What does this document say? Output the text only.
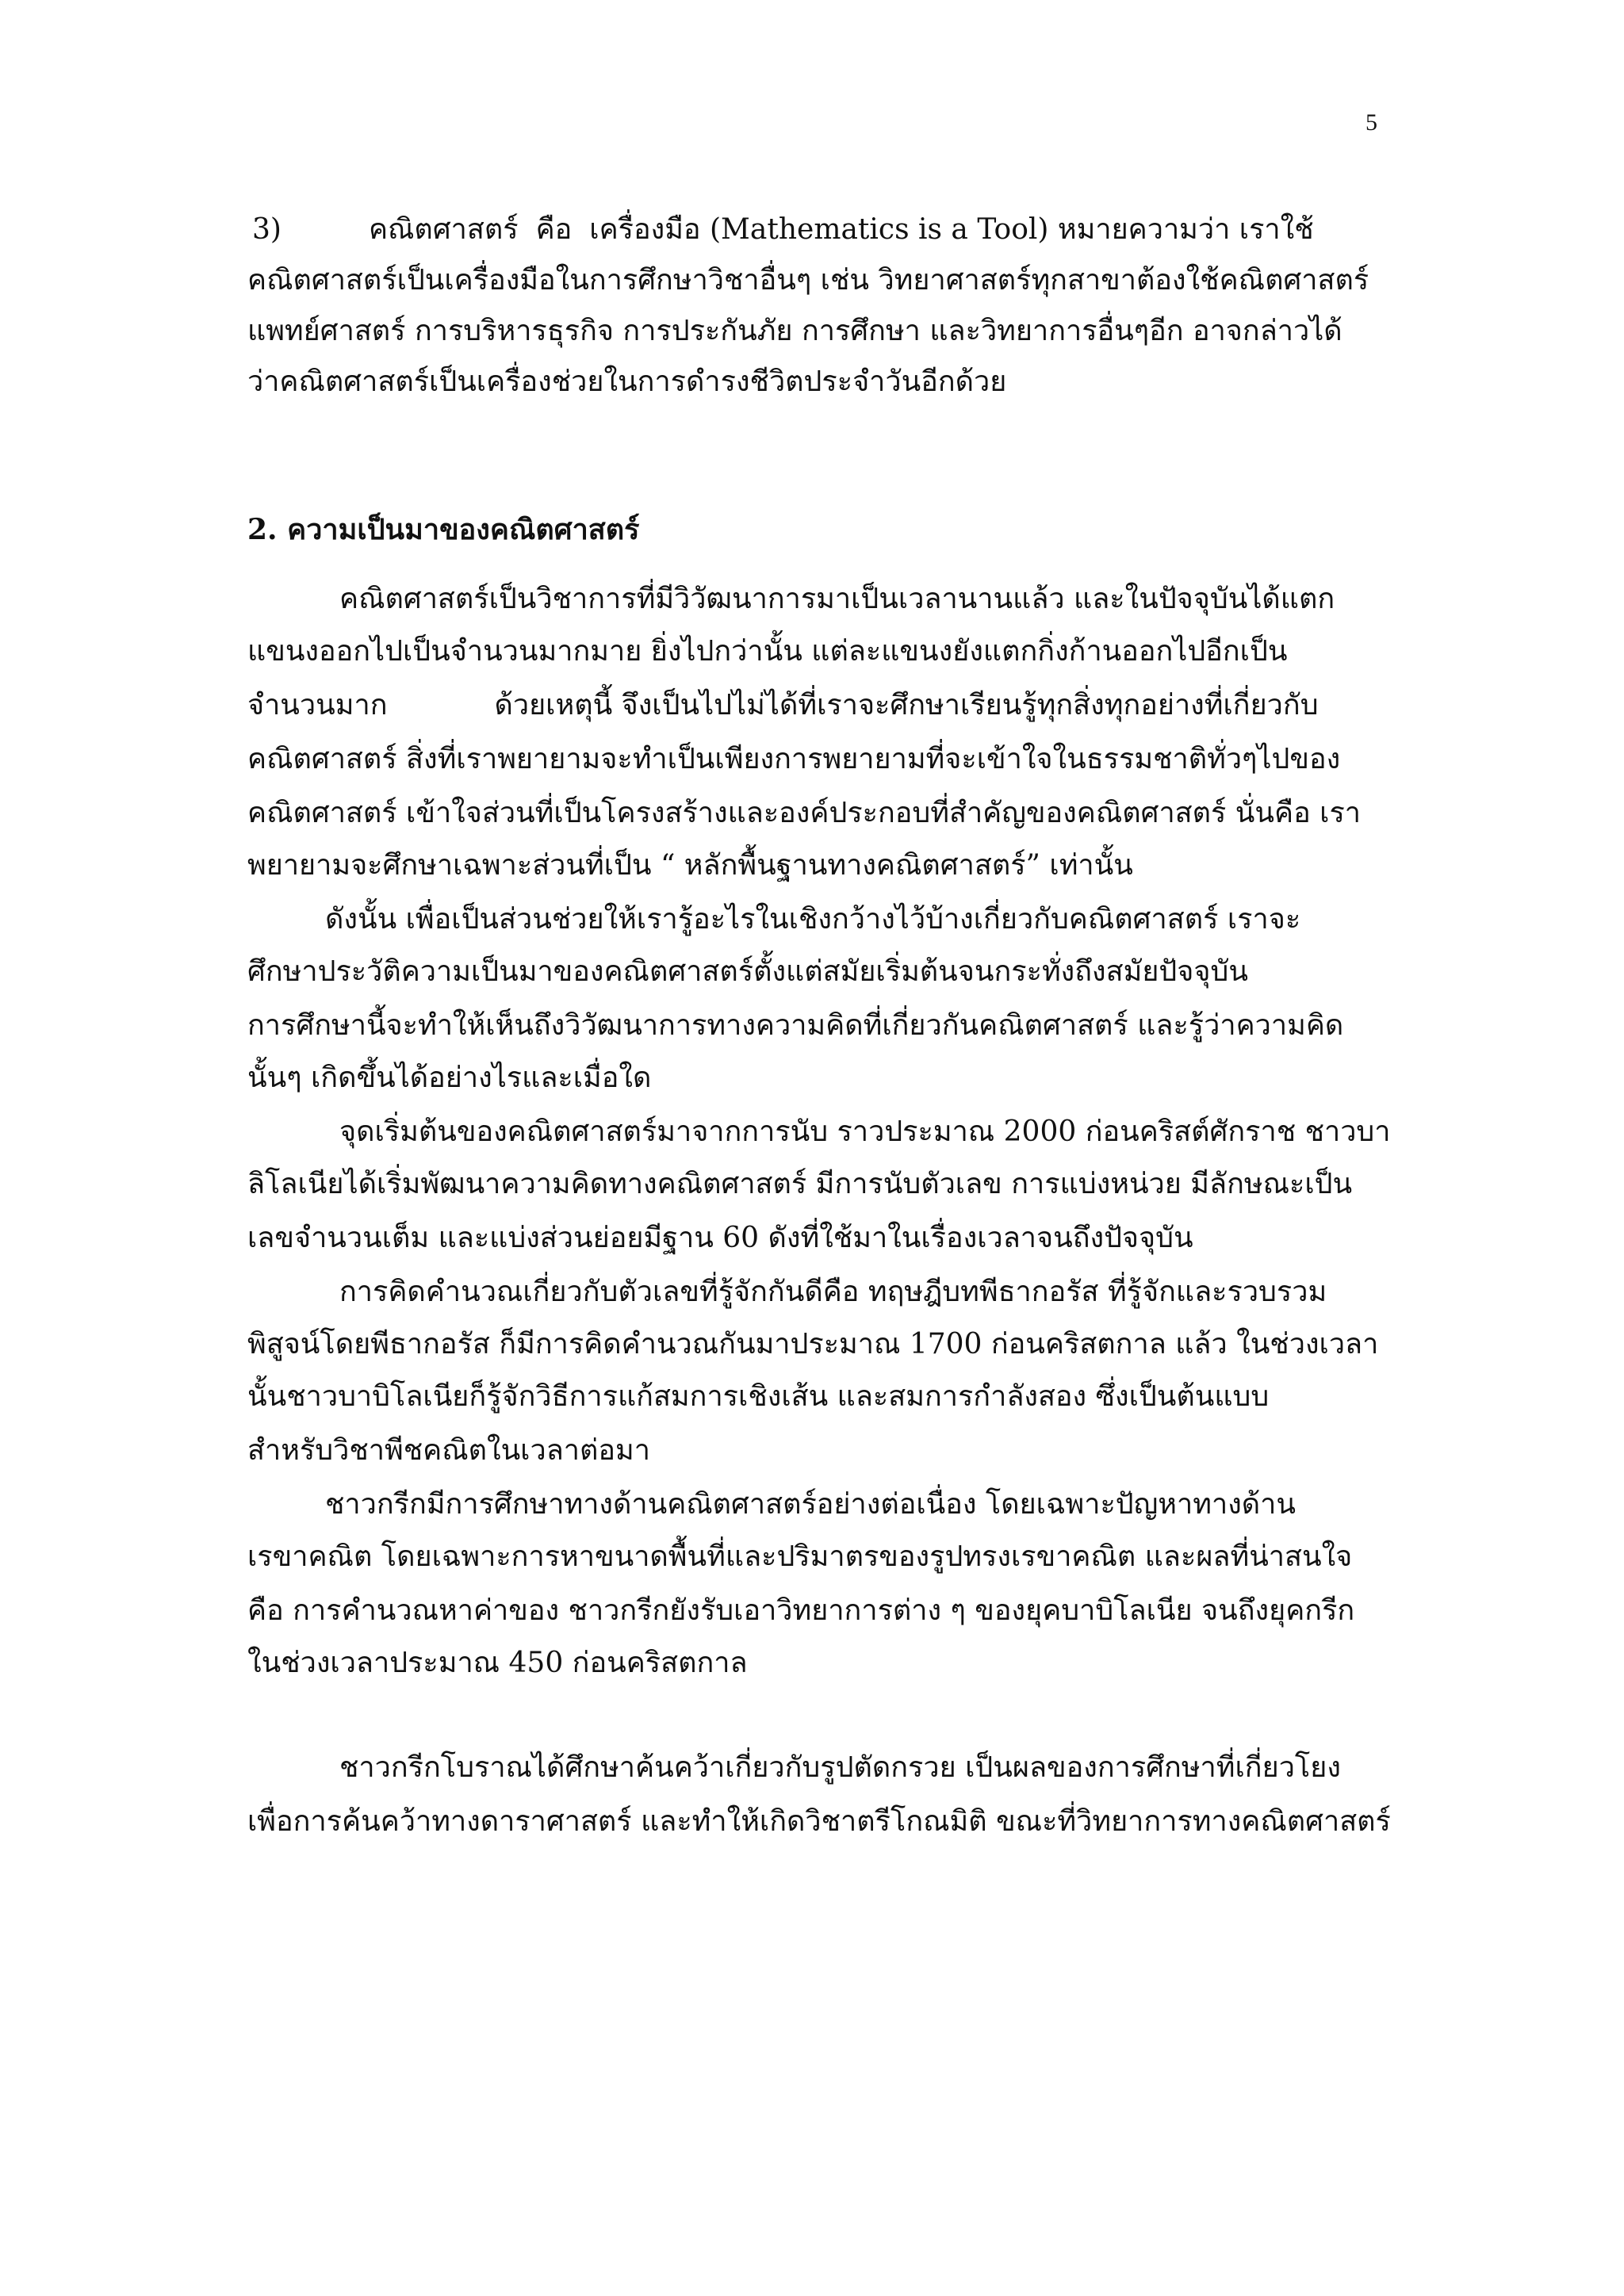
5
3)	คณิตศาสตร์ คือ เครื่องมือ (Mathematics is a Tool) หมายความว่า เราใช้
คณิตศาสตร์เป็นเครื่องมือในการศึกษาวิชาอื่นๆ เช่น วิทยาศาสตร์ทุกสาขาต้องใช้คณิตศาสตร์
แพทย์ศาสตร์ การบริหารธุรกิจ การประกันภัย การศึกษา และวิทยาการอื่นๆอีก อาจกล่าวได้
ว่าคณิตศาสตร์เป็นเครื่องช่วยในการดำรงชีวิตประจำวันอีกด้วย
2. ความเป็นมาของคณิตศาสตร์
คณิตศาสตร์เป็นวิชาการที่มีวิวัฒนาการมาเป็นเวลานานแล้ว และในปัจจุบันได้แตก
แขนงออกไปเป็นจำนวนมากมาย ยิ่งไปกว่านั้น แต่ละแขนงยังแตกกิ่งก้านออกไปอีกเป็น
จำนวนมาก	ด้วยเหตุนี้ จึงเป็นไปไม่ได้ที่เราจะศึกษาเรียนรู้ทุกสิ่งทุกอย่างที่เกี่ยวกับ
คณิตศาสตร์ สิ่งที่เราพยายามจะทำเป็นเพียงการพยายามที่จะเข้าใจในธรรมชาติทั่วๆไปของ
คณิตศาสตร์ เข้าใจส่วนที่เป็นโครงสร้างและองค์ประกอบที่สำคัญของคณิตศาสตร์ นั่นคือ เรา
พยายามจะศึกษาเฉพาะส่วนที่เป็น “ หลักพื้นฐานทางคณิตศาสตร์” เท่านั้น
ดังนั้น เพื่อเป็นส่วนช่วยให้เรารู้อะไรในเชิงกว้างไว้บ้างเกี่ยวกับคณิตศาสตร์ เราจะ
ศึกษาประวัติความเป็นมาของคณิตศาสตร์ตั้งแต่สมัยเริ่มต้นจนกระทั่งถึงสมัยปัจจุบัน
การศึกษานี้จะทำให้เห็นถึงวิวัฒนาการทางความคิดที่เกี่ยวกันคณิตศาสตร์ และรู้ว่าความคิด
นั้นๆ เกิดขึ้นได้อย่างไรและเมื่อใด
จุดเริ่มต้นของคณิตศาสตร์มาจากการนับ ราวประมาณ 2000 ก่อนคริสต์ศักราช ชาวบา
ลิโลเนียได้เริ่มพัฒนาความคิดทางคณิตศาสตร์ มีการนับตัวเลข การแบ่งหน่วย มีลักษณะเป็น
เลขจำนวนเต็ม และแบ่งส่วนย่อยมีฐาน 60 ดังที่ใช้มาในเรื่องเวลาจนถึงปัจจุบัน
การคิดคำนวณเกี่ยวกับตัวเลขที่รู้จักกันดีคือ ทฤษฎีบทพีธากอรัส ที่รู้จักและรวบรวม
พิสูจน์โดยพีธากอรัส ก็มีการคิดคำนวณกันมาประมาณ 1700 ก่อนคริสตกาล แล้ว ในช่วงเวลา
นั้นชาวบาบิโลเนียก็รู้จักวิธีการแก้สมการเชิงเส้น และสมการกำลังสอง ซึ่งเป็นต้นแบบ
สำหรับวิชาพีชคณิตในเวลาต่อมา
ชาวกรีกมีการศึกษาทางด้านคณิตศาสตร์อย่างต่อเนื่อง โดยเฉพาะปัญหาทางด้าน
เรขาคณิต โดยเฉพาะการหาขนาดพื้นที่และปริมาตรของรูปทรงเรขาคณิต และผลที่น่าสนใจ
คือ การคำนวณหาค่าของ ชาวกรีกยังรับเอาวิทยาการต่าง ๆ ของยุคบาบิโลเนีย จนถึงยุคกรีก
ในช่วงเวลาประมาณ 450 ก่อนคริสตกาล
ชาวกรีกโบราณได้ศึกษาค้นคว้าเกี่ยวกับรูปตัดกรวย เป็นผลของการศึกษาที่เกี่ยวโยง
เพื่อการค้นคว้าทางดาราศาสตร์ และทำให้เกิดวิชาตรีโกณมิติ ขณะที่วิทยาการทางคณิตศาสตร์
